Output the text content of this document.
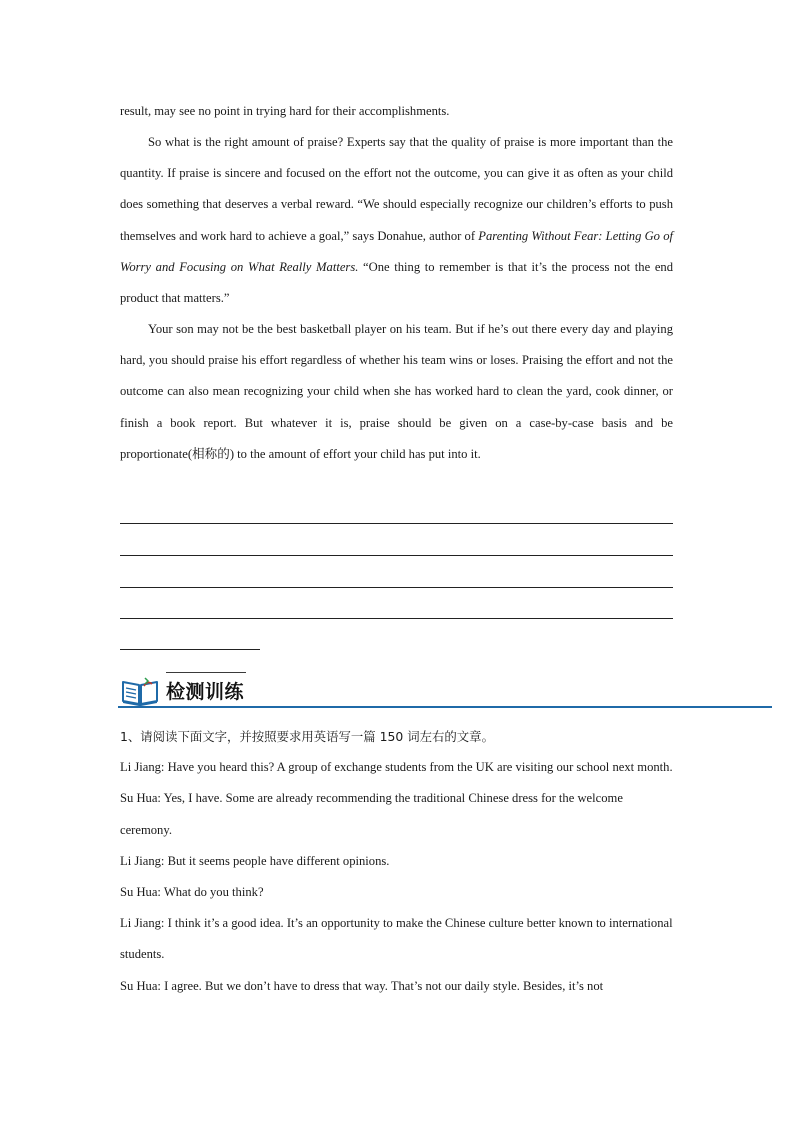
result, may see no point in trying hard for their accomplishments.

So what is the right amount of praise? Experts say that the quality of praise is more important than the quantity. If praise is sincere and focused on the effort not the outcome, you can give it as often as your child does something that deserves a verbal reward. “We should especially recognize our children’s efforts to push themselves and work hard to achieve a goal,” says Donahue, author of Parenting Without Fear: Letting Go of Worry and Focusing on What Really Matters. “One thing to remember is that it’s the process not the end product that matters.”

Your son may not be the best basketball player on his team. But if he’s out there every day and playing hard, you should praise his effort regardless of whether his team wins or loses. Praising the effort and not the outcome can also mean recognizing your child when she has worked hard to clean the yard, cook dinner, or finish a book report. But whatever it is, praise should be given on a case-by-case basis and be proportionate(相称的) to the amount of effort your child has put into it.

检测训练
1、请阅读下面文字，并按照要求用英语写一篇 150 词左右的文章。
Li Jiang: Have you heard this? A group of exchange students from the UK are visiting our school next month.
Su Hua: Yes, I have. Some are already recommending the traditional Chinese dress for the welcome ceremony.
Li Jiang: But it seems people have different opinions.
Su Hua: What do you think?
Li Jiang: I think it’s a good idea. It’s an opportunity to make the Chinese culture better known to international students.
Su Hua: I agree. But we don’t have to dress that way. That’s not our daily style. Besides, it’s not
